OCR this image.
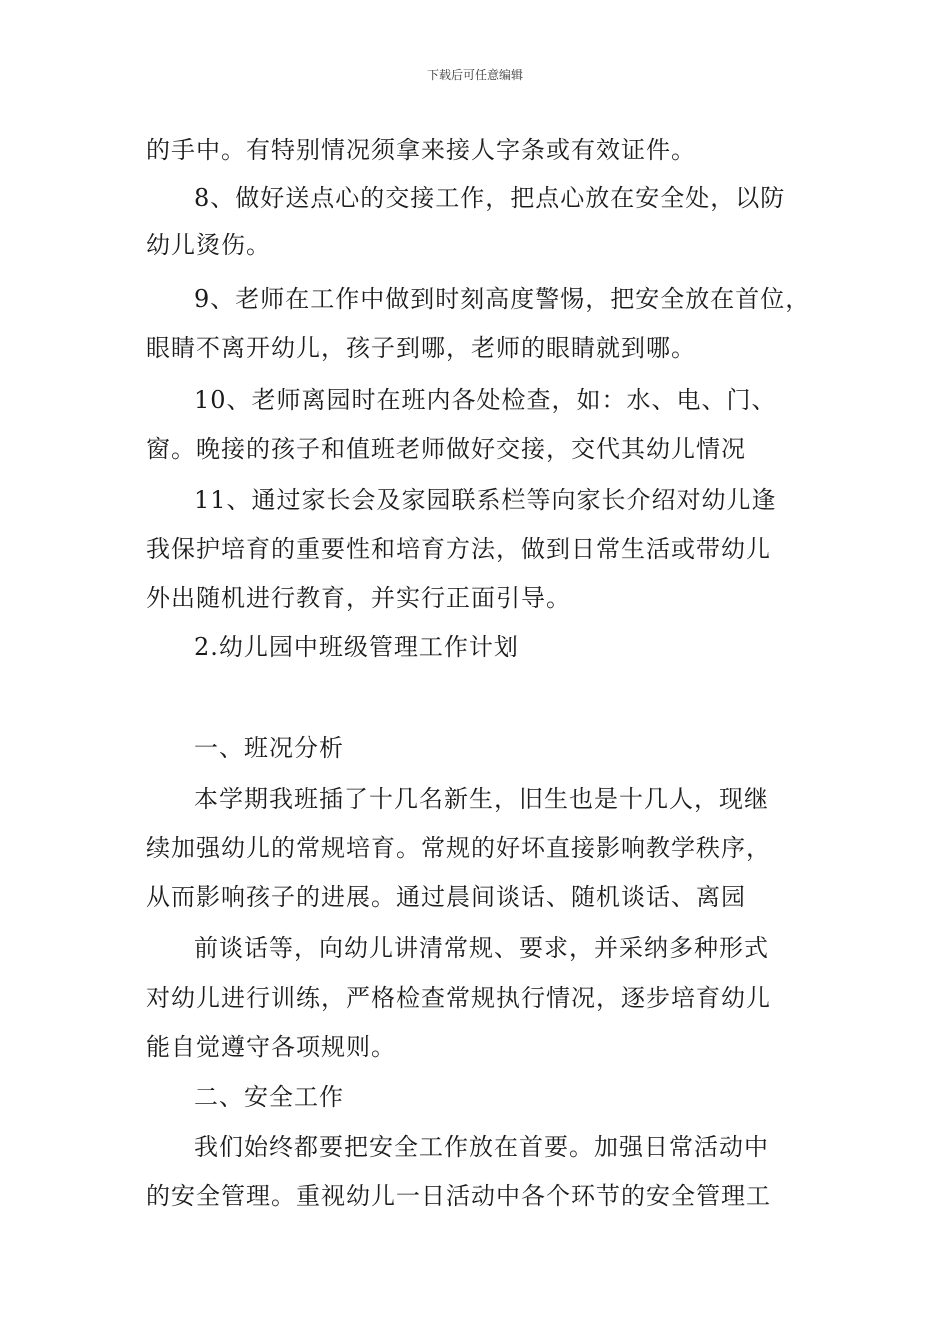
下载后可任意编辑
的手中。有特别情况须拿来接人字条或有效证件。
8、做好送点心的交接工作，把点心放在安全处，以防
幼儿烫伤。
9、老师在工作中做到时刻高度警惕，把安全放在首位，
眼睛不离开幼儿，孩子到哪，老师的眼睛就到哪。
10、老师离园时在班内各处检查，如：水、电、门、
窗。晚接的孩子和值班老师做好交接，交代其幼儿情况
11、通过家长会及家园联系栏等向家长介绍对幼儿逢
我保护培育的重要性和培育方法，做到日常生活或带幼儿
外出随机进行教育，并实行正面引导。
2.幼儿园中班级管理工作计划
一、班况分析
本学期我班插了十几名新生，旧生也是十几人，现继
续加强幼儿的常规培育。常规的好坏直接影响教学秩序，
从而影响孩子的进展。通过晨间谈话、随机谈话、离园
前谈话等，向幼儿讲清常规、要求，并采纳多种形式
对幼儿进行训练，严格检查常规执行情况，逐步培育幼儿
能自觉遵守各项规则。
二、安全工作
我们始终都要把安全工作放在首要。加强日常活动中
的安全管理。重视幼儿一日活动中各个环节的安全管理工
